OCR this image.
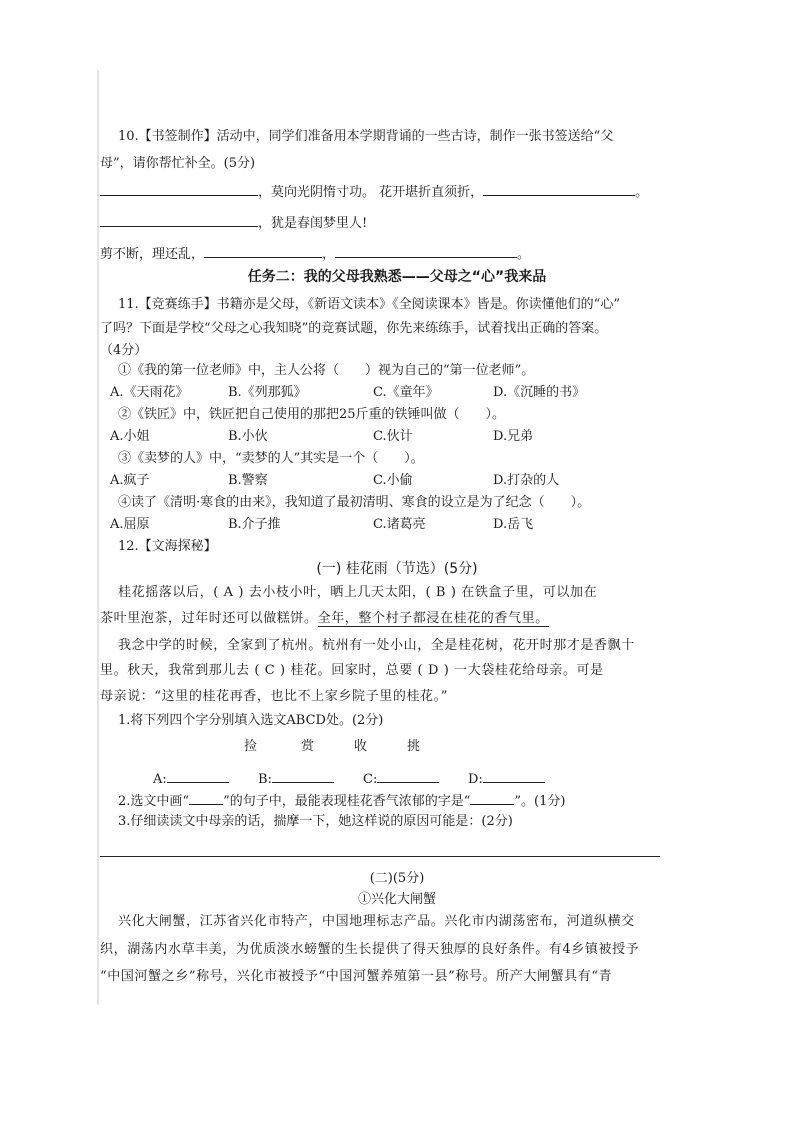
10.【书签制作】活动中，同学们准备用本学期背诵的一些古诗，制作一张书签送给“父
母”，请你帮忙补全。(5分)
，莫向光阴惰寸功。 花开堪折直须折，	。
，犹是春闺梦里人!
剪不断，理还乱，	，	。
任务二：我的父母我熟悉——父母之“心”我来品
11.【竞赛练手】书籍亦是父母，《新语文读本》《全阅读课本》皆是。你读懂他们的“心”
了吗？下面是学校“父母之心我知晓”的竞赛试题，你先来练练手，试着找出正确的答案。
（4分）
①《我的第一位老师》中，主人公将（　　）视为自己的“第一位老师”。
A.《天雨花》	B.《列那狐》	C.《童年》	D.《沉睡的书》
②《铁匠》中，铁匠把自己使用的那把25斤重的铁锤叫做（　　）。
A.小姐	B.小伙	C.伙计	D.兄弟
③《卖梦的人》中，“卖梦的人”其实是一个（　　）。
A.疯子	B.警察	C.小偷	D.打杂的人
④读了《清明·寒食的由来》，我知道了最初清明、寒食的设立是为了纪念（　　）。
A.屈原	B.介子推	C.诸葛亮	D.岳飞
12.【文海探秘】
(一) 桂花雨（节选）(5分)
桂花摇落以后，( A ) 去小枝小叶，晒上几天太阳，( B ) 在铁盒子里，可以加在
茶叶里泡茶，过年时还可以做糕饼。全年，整个村子都浸在桂花的香气里。
我念中学的时候，全家到了杭州。杭州有一处小山，全是桂花树，花开时那才是香飘十
里。秋天，我常到那儿去 ( C ) 桂花。回家时，总要 ( D ) 一大袋桂花给母亲。可是
母亲说：“这里的桂花再香，也比不上家乡院子里的桂花。”
1.将下列四个字分别填入选文ABCD处。(2分)
捡	赏	收	挑
A:	B:	C:	D:
2.选文中画“	”的句子中，最能表现桂花香气浓郁的字是“	”。(1分)
3.仔细读读文中母亲的话，揣摩一下，她这样说的原因可能是：(2分)
(二)(5分)
①兴化大闸蟹
兴化大闸蟹，江苏省兴化市特产，中国地理标志产品。兴化市内湖荡密布，河道纵横交
织，湖荡内水草丰美，为优质淡水螃蟹的生长提供了得天独厚的良好条件。有4乡镇被授予
“中国河蟹之乡”称号，兴化市被授予“中国河蟹养殖第一县”称号。所产大闸蟹具有“青
